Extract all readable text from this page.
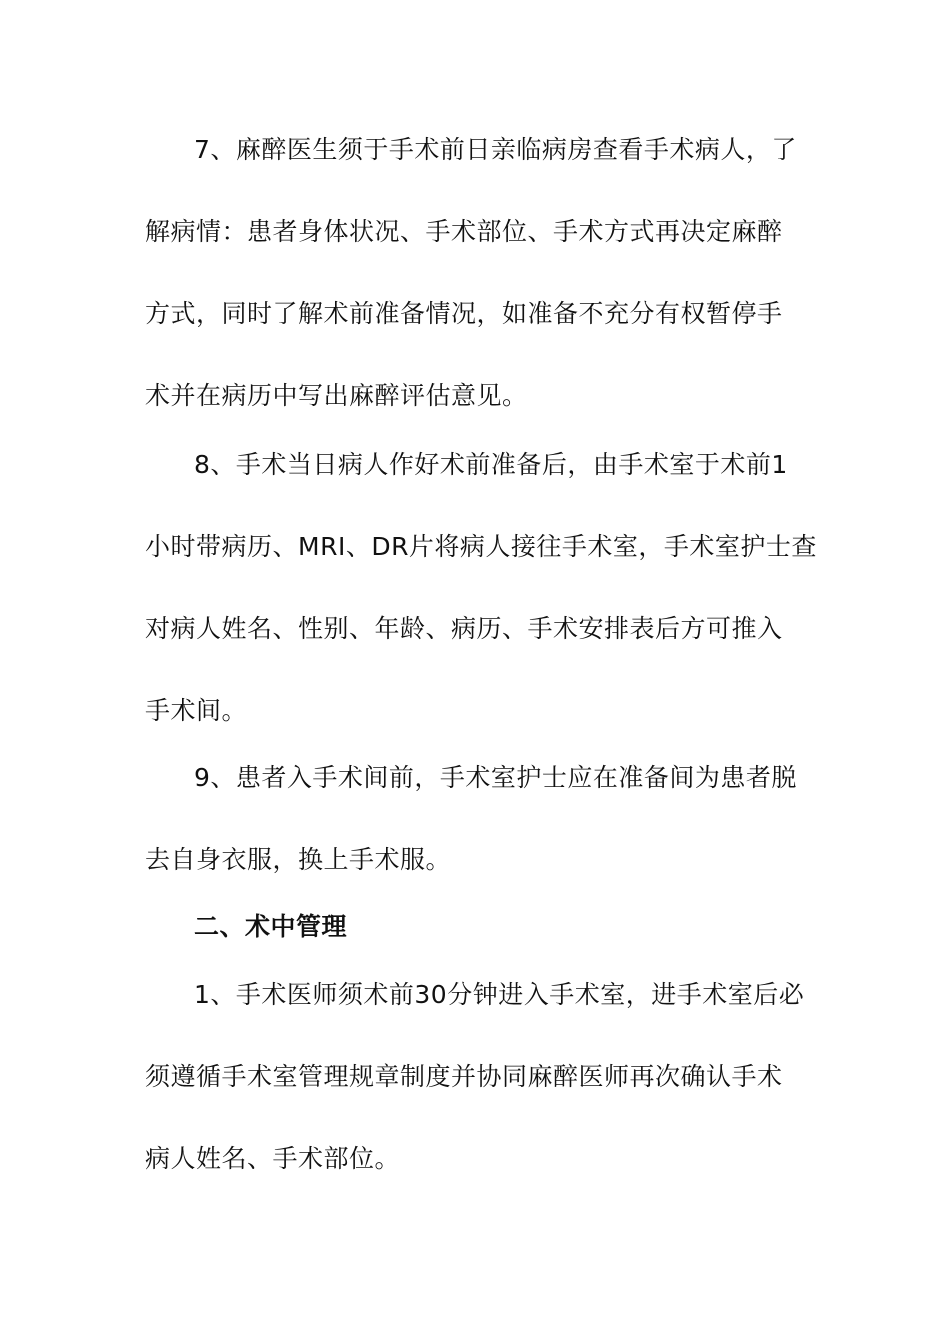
7、麻醉医生须于手术前日亲临病房查看手术病人，了
解病情：患者身体状况、手术部位、手术方式再决定麻醉
方式，同时了解术前准备情况，如准备不充分有权暂停手
术并在病历中写出麻醉评估意见。
8、手术当日病人作好术前准备后，由手术室于术前1
小时带病历、MRI、DR片将病人接往手术室，手术室护士查
对病人姓名、性别、年龄、病历、手术安排表后方可推入
手术间。
9、患者入手术间前，手术室护士应在准备间为患者脱
去自身衣服，换上手术服。
二、术中管理
1、手术医师须术前30分钟进入手术室，进手术室后必
须遵循手术室管理规章制度并协同麻醉医师再次确认手术
病人姓名、手术部位。
